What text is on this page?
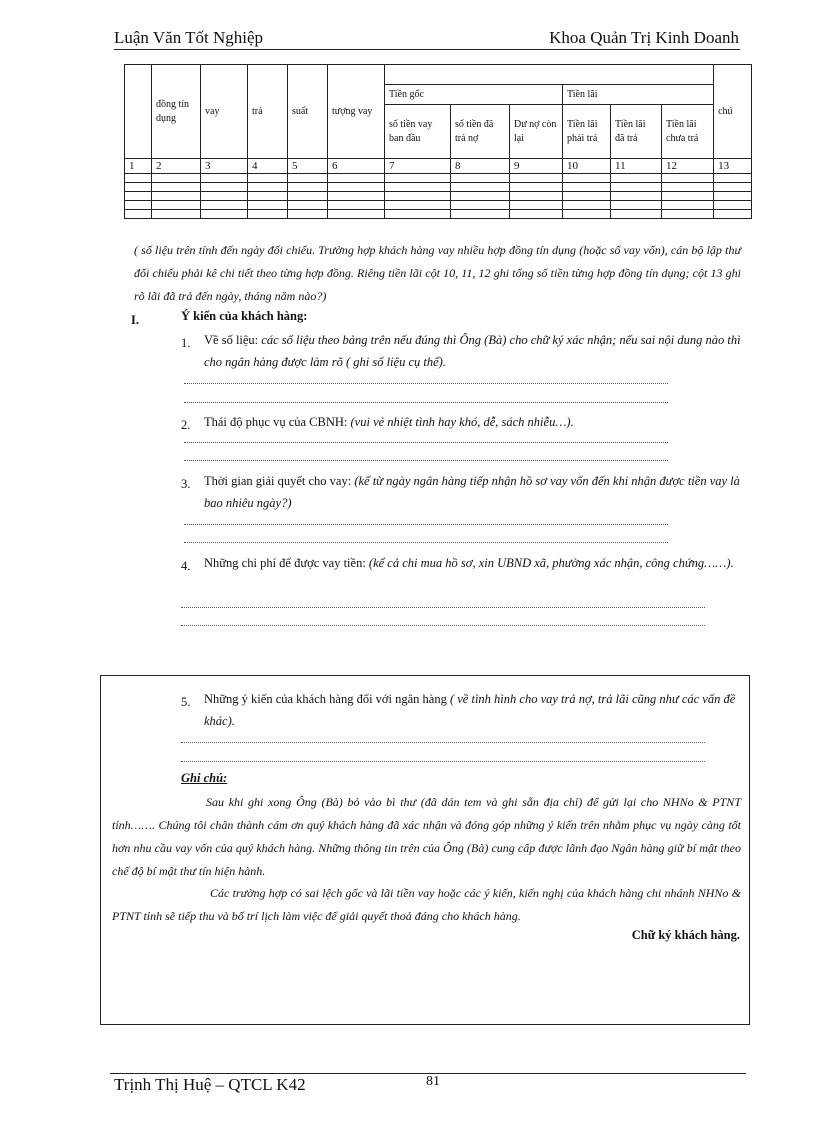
Luận Văn Tốt Nghiệp	Khoa Quản Trị Kinh Doanh
	đồng tín dụng	vay	trả	suất	tượng vay							chú
						Tiền gốc			Tiền lãi			
						số tiền vay ban đầu	số tiền đã trả nợ	Dư nợ còn lại	Tiền lãi phải trả	Tiền lãi đã trả	Tiền lãi chưa trả	
1	2	3	4	5	6	7	8	9	10	11	12	13

( số liệu trên tính đến ngày đối chiếu. Trường hợp khách hàng vay nhiều hợp đồng tín dụng (hoặc sổ vay vốn), cán bộ lập thư đối chiếu phải kê chi tiết theo từng hợp đồng. Riêng tiền lãi cột 10, 11, 12 ghi tổng số tiền từng hợp đồng tín dụng; cột 13 ghi rõ lãi đã trả đến ngày, tháng năm nào?)
I.	Ý kiến của khách hàng:
1. Về số liệu: các số liệu theo bảng trên nếu đúng thì Ông (Bà) cho chữ ký xác nhận; nếu sai nội dung nào thì cho ngân hàng được làm rõ ( ghi số liệu cụ thể).
2. Thái độ phục vụ của CBNH: (vui vẻ nhiệt tình hay khó, dễ, sách nhiễu…).
3. Thời gian giải quyết cho vay: (kể từ ngày ngân hàng tiếp nhận hồ sơ vay vốn đến khi nhận được tiền vay là bao nhiêu ngày?)
4. Những chi phí để được vay tiền: (kể cả chi mua hồ sơ, xin UBND xã, phường xác nhận, công chứng……).
5. Những ý kiến của khách hàng đối với ngân hàng ( về tình hình cho vay trả nợ, trả lãi cũng như các vấn đề khác).
Ghi chú:
Sau khi ghi xong Ông (Bà) bỏ vào bì thư (đã dán tem và ghi sẵn địa chỉ) để gửi lại cho NHNo & PTNT tỉnh……. Chúng tôi chân thành cám ơn quý khách hàng đã xác nhận và đóng góp những ý kiến trên nhằm phục vụ ngày càng tốt hơn nhu cầu vay vốn của quý khách hàng. Những thông tin trên của Ông (Bà) cung cấp được lãnh đạo Ngân hàng giữ bí mật theo chế độ bí mật thư tín hiện hành.
Các trường hợp có sai lệch gốc và lãi tiền vay hoặc các ý kiến, kiến nghị của khách hàng chi nhánh NHNo & PTNT tỉnh sẽ tiếp thu và bố trí lịch làm việc để giải quyết thoả đáng cho khách hàng.
Chữ ký khách hàng.
Trịnh Thị Huệ – QTCL K42	81
